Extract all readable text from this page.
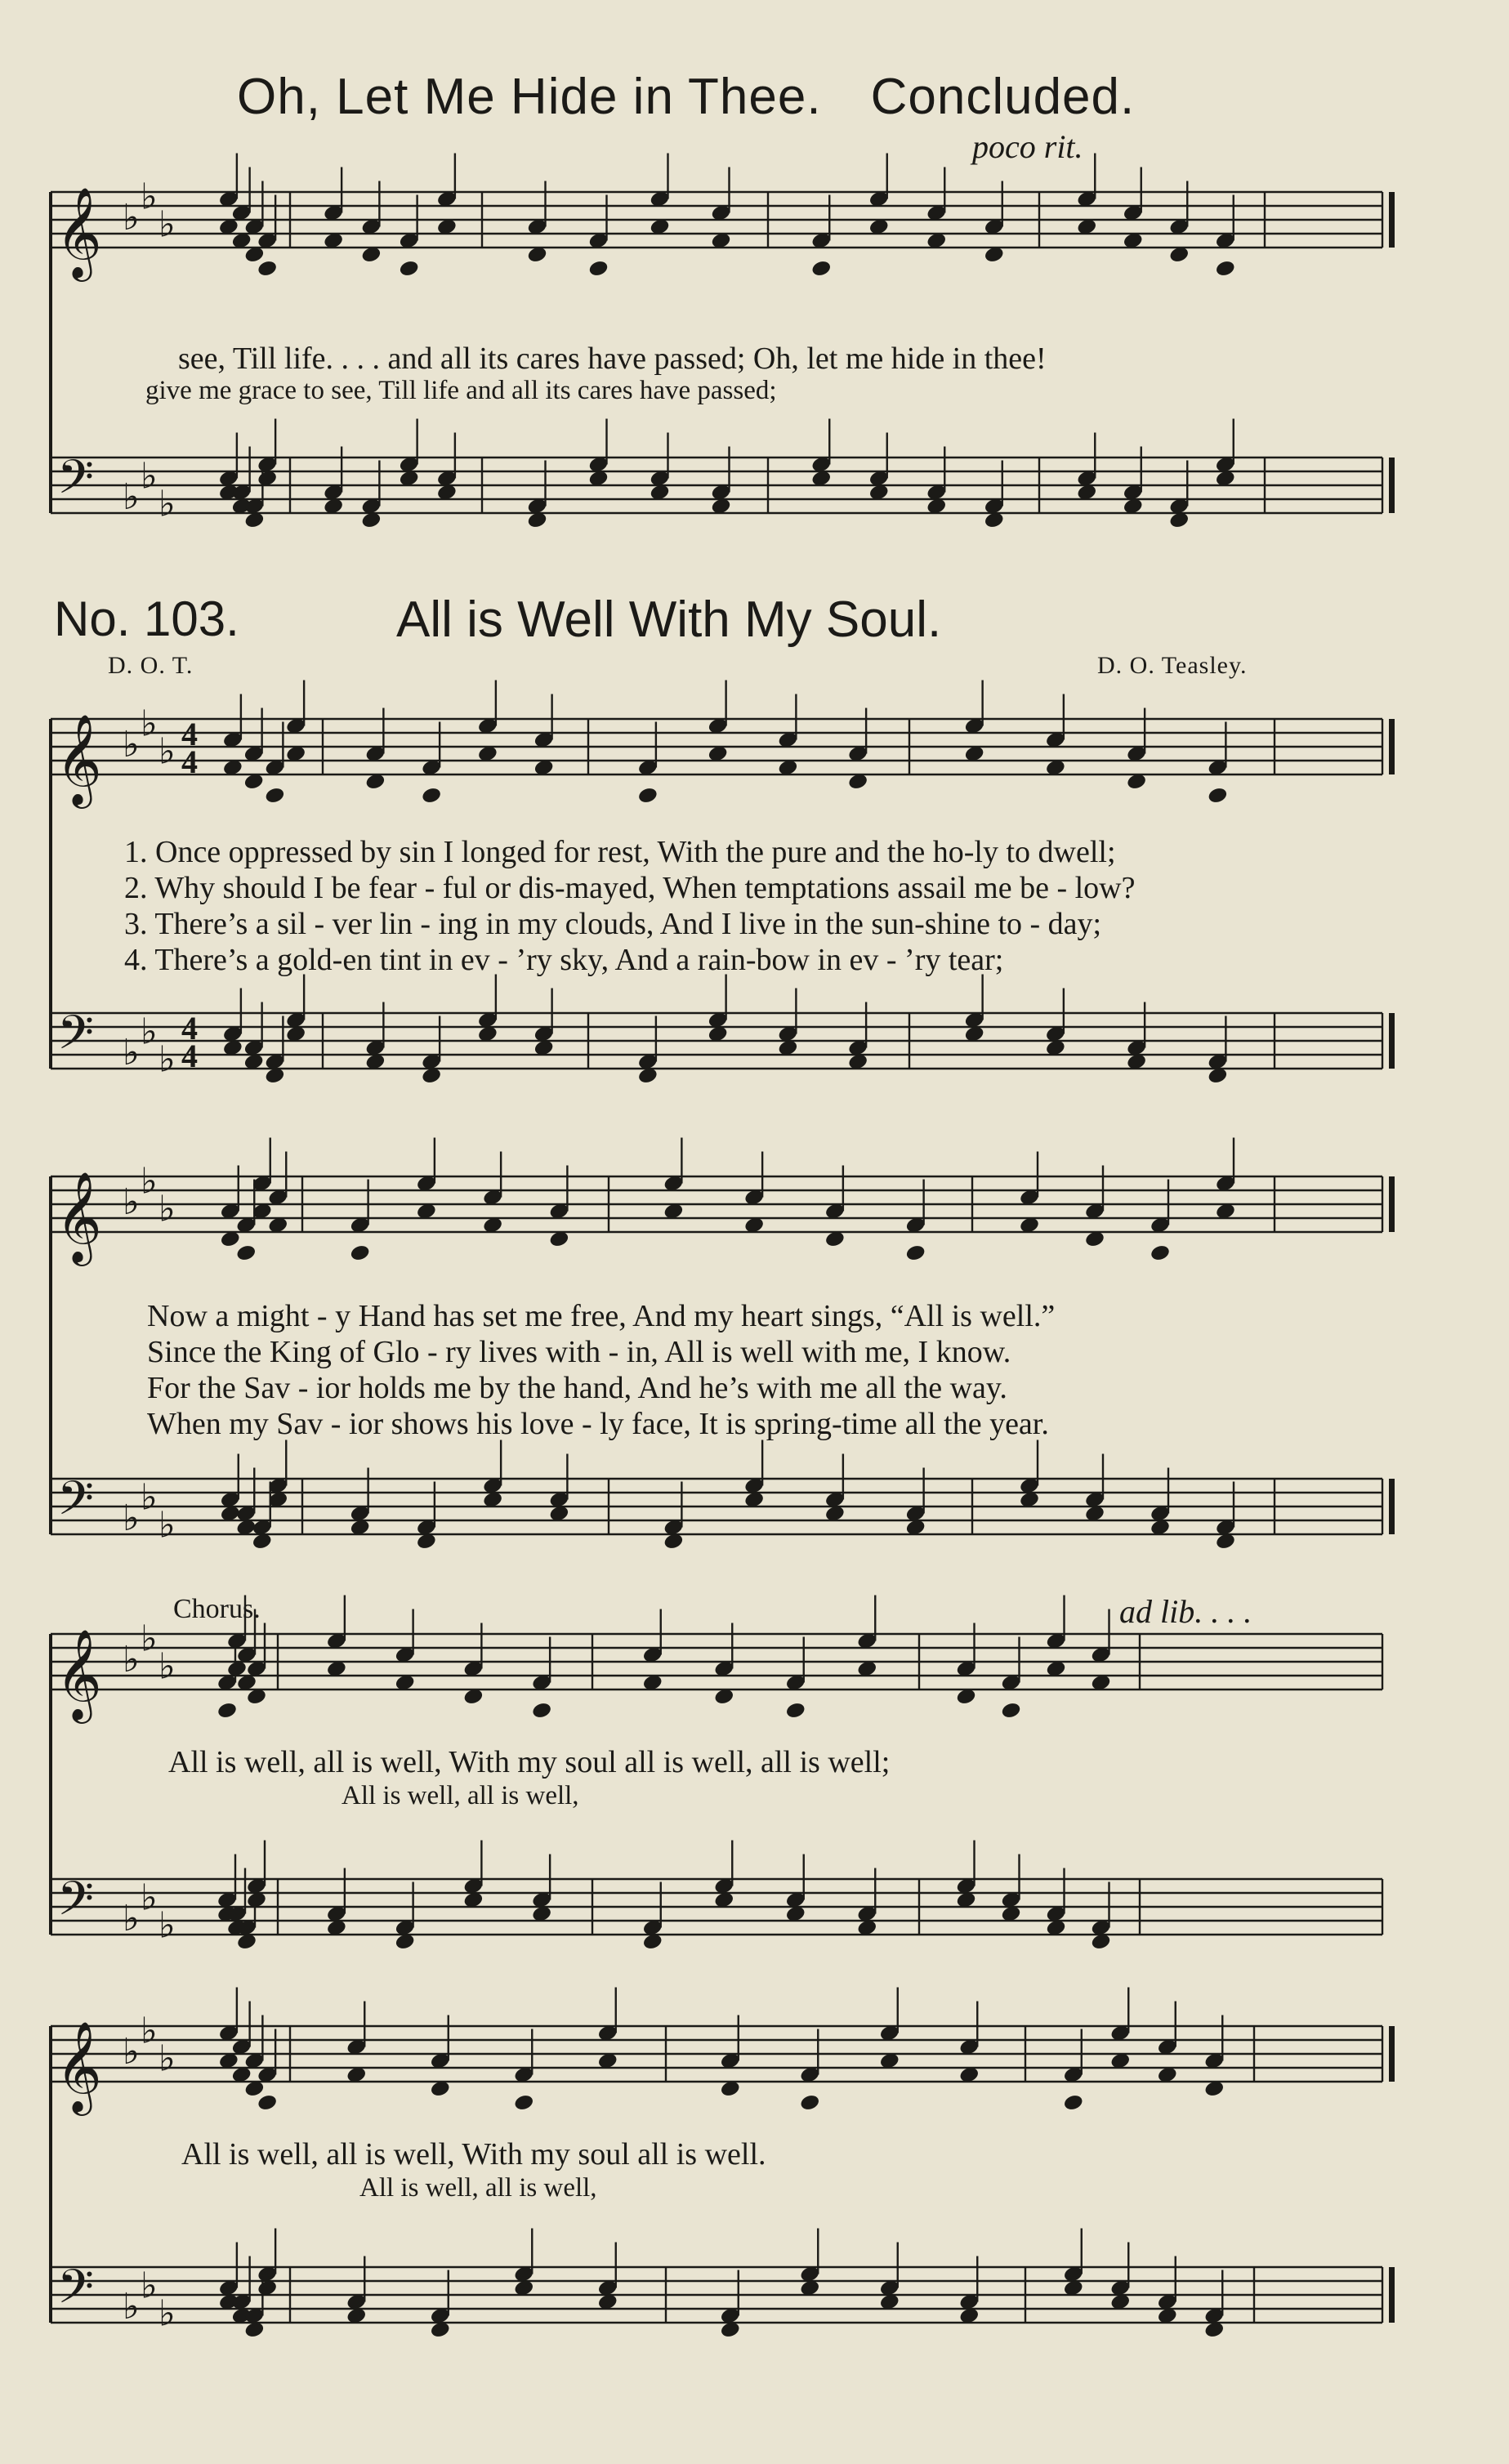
𝄞
𝄢
♭ ♭
♭
♭ ♭
♭
𝄞
𝄢
♭ ♭
♭
♭ ♭
♭
4
4
4
4
𝄞
𝄢
♭ ♭
♭
♭ ♭
♭
𝄞
𝄢
♭ ♭
♭
♭ ♭
♭
𝄞
𝄢
♭ ♭
♭
♭ ♭
♭
Oh, Let Me Hide in Thee. Concluded.
poco rit.
see, Till life. . . . and all its cares have passed; Oh, let me hide in thee!
give me grace to see, Till life and all its cares have passed;
No. 103.	All is Well With My Soul.
D. O. T.	D. O. Teasley.
1. Once oppressed by sin I longed for rest, With the pure and the ho-ly to dwell;
2. Why should I be fear - ful or dis-mayed, When temptations assail me be - low?
3. There’s a sil - ver lin - ing in my clouds, And I live in the sun-shine to - day;
4. There’s a gold-en tint in ev - ’ry sky, And a rain-bow in ev - ’ry tear;
Now a might - y Hand has set me free, And my heart sings, “All is well.”
Since the King of Glo - ry lives with - in, All is well with me, I know.
For the Sav - ior holds me by the hand, And he’s with me all the way.
When my Sav - ior shows his love - ly face, It is spring-time all the year.
Chorus.	ad lib. . . .
All is well, all is well, With my soul all is well, all is well;
All is well, all is well,
All is well, all is well, With my soul all is well.
All is well, all is well,
